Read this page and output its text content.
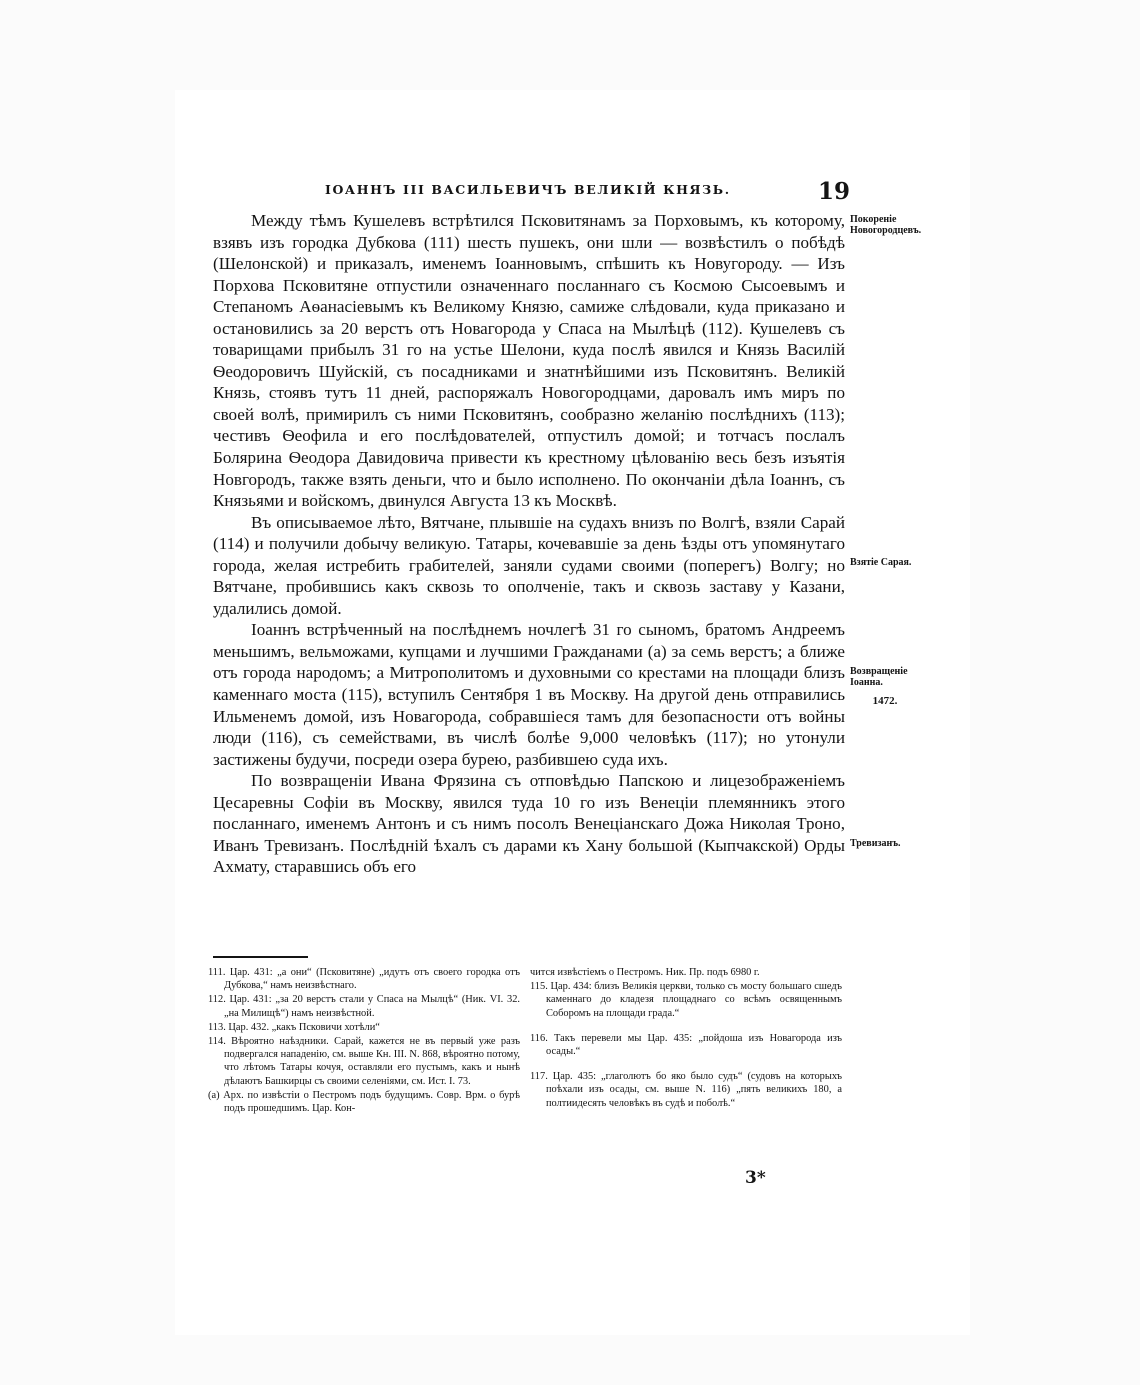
ІОАННЪ ІІІ ВАСИЛЬЕВИЧЪ ВЕЛИКІЙ КНЯЗЬ.	19

Между тѣмъ Кушелевъ встрѣтился Псковитянамъ за Порховымъ, къ которому, взявъ изъ городка Дубкова (111) шесть пушекъ, они шли — возвѣстилъ о побѣдѣ (Шелонской) и приказалъ, именемъ Іоанновымъ, спѣшить къ Новугороду. — Изъ Порхова Псковитяне отпустили означеннаго посланнаго съ Космою Сысоевымъ и Степаномъ Аѳанасіевымъ къ Великому Князю, самиже слѣдовали, куда приказано и остановились за 20 верстъ отъ Новагорода у Спаса на Мылѣцѣ (112). Кушелевъ съ товарищами прибылъ 31 го на устье Шелони, куда послѣ явился и Князь Василій Ѳеодоровичъ Шуйскій, съ посадниками и знатнѣйшими изъ Псковитянъ. Великій Князь, стоявъ тутъ 11 дней, распоряжалъ Новогородцами, даровалъ имъ миръ по своей волѣ, примирилъ съ ними Псковитянъ, сообразно желанію послѣднихъ (113); честивъ Ѳеофила и его послѣдователей, отпустилъ домой; и тотчасъ послалъ Болярина Ѳеодора Давидовича привести къ крестному цѣлованію весь безъ изъятія Новгородъ, также взять деньги, что и было исполнено. По окончаніи дѣла Іоаннъ, съ Князьями и войскомъ, двинулся Августа 13 къ Москвѣ.

Въ описываемое лѣто, Вятчане, плывшіе на судахъ внизъ по Волгѣ, взяли Сарай (114) и получили добычу великую. Татары, кочевавшіе за день ѣзды отъ упомянутаго города, желая истребить грабителей, заняли судами своими (поперегъ) Волгу; но Вятчане, пробившись какъ сквозь то ополченіе, такъ и сквозь заставу у Казани, удалились домой.

Іоаннъ встрѣченный на послѣднемъ ночлегѣ 31 го сыномъ, братомъ Андреемъ меньшимъ, вельможами, купцами и лучшими Гражданами (а) за семь верстъ; а ближе отъ города народомъ; а Митрополитомъ и духовными со крестами на площади близъ каменнаго моста (115), вступилъ Сентября 1 въ Москву. На другой день отправились Ильменемъ домой, изъ Новагорода, собравшіеся тамъ для безопасности отъ войны люди (116), съ семействами, въ числѣ болѣе 9,000 человѣкъ (117); но утонули застижены будучи, посреди озера бурею, разбившею суда ихъ.

По возвращеніи Ивана Фрязина съ отповѣдью Папскою и лицезображеніемъ Цесаревны Софіи въ Москву, явился туда 10 го изъ Венеціи племянникъ этого посланнаго, именемъ Антонъ и съ нимъ посолъ Венеціанскаго Дожа Николая Троно, Иванъ Тревизанъ. Послѣдній ѣхалъ съ дарами къ Хану большой (Кыпчакской) Орды Ахмату, старавшись объ его

Покореніе Новогородцевъ.
Взятіе Сарая.
Возвращеніе Іоанна.
1472.
Тревизанъ.

111. Цар. 431: „а они“ (Псковитяне) „идутъ отъ своего городка отъ Дубкова,“ намъ неизвѣстнаго.

112. Цар. 431: „за 20 верстъ стали у Спаса на Мылцѣ“ (Ник. VI. 32. „на Милищѣ“) намъ неизвѣстной.

113. Цар. 432. „какъ Псковичи хотѣли“

114. Вѣроятно наѣздники. Сарай, кажется не въ первый уже разъ подвергался нападенію, см. выше Кн. III. N. 868, вѣроятно потому, что лѣтомъ Татары кочуя, оставляли его пустымъ, какъ и нынѣ дѣлаютъ Башкирцы съ своими селеніями, см. Ист. I. 73.

(а) Арх. по извѣстіи о Пестромъ подъ будущимъ. Совр. Врм. о бурѣ подъ прошедшимъ. Цар. Кон-

чится извѣстіемъ о Пестромъ. Ник. Пр. подъ 6980 г.

115. Цар. 434: близъ Великія церкви, только съ мосту большаго сшедъ каменнаго до кладезя площаднаго со всѣмъ освященнымъ Соборомъ на площади града.“

116. Такъ перевели мы Цар. 435: „пойдоша изъ Новагорода изъ осады.“

117. Цар. 435: „глаголютъ бо яко было судъ“ (судовъ на которыхъ поѣхали изъ осады, см. выше N. 116) „пять великихъ 180, а полтиидесять человѣкъ въ судѣ и поболѣ.“

3*
